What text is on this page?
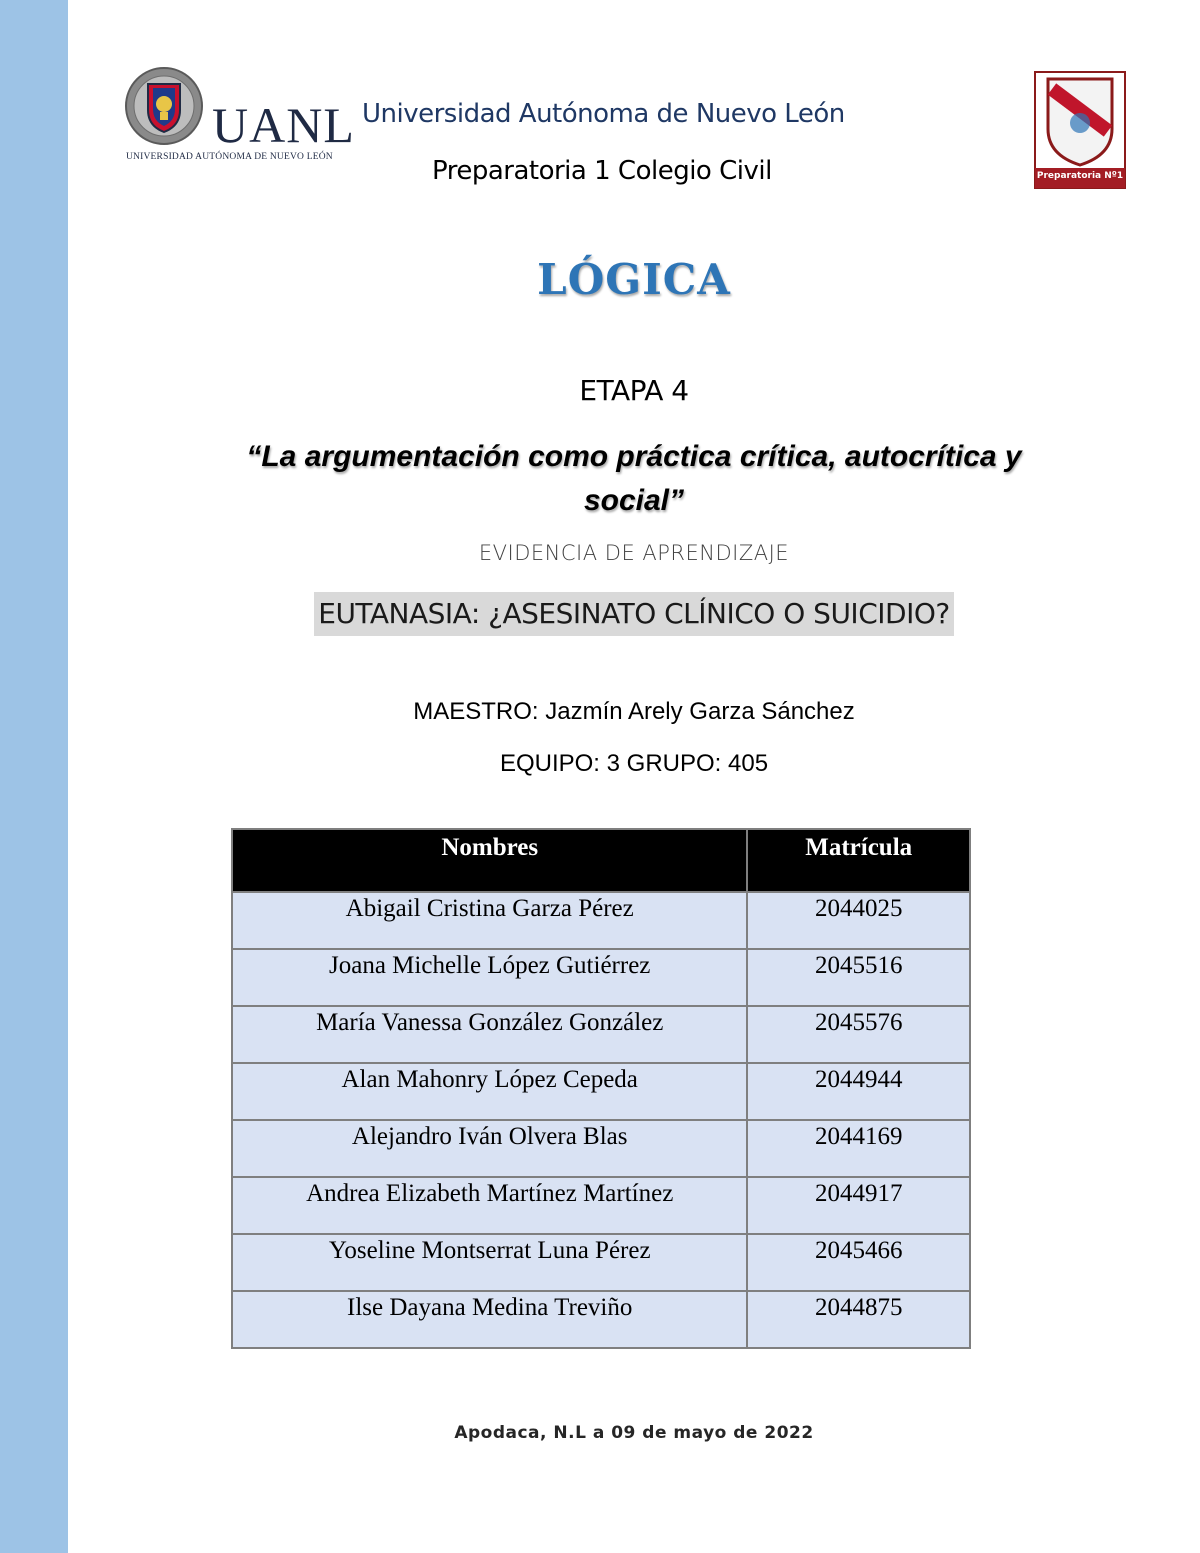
UANL
UNIVERSIDAD AUTÓNOMA DE NUEVO LEÓN
Universidad Autónoma de Nuevo León
Preparatoria 1 Colegio Civil	Preparatoria Nº1
LÓGICA
ETAPA 4
“La argumentación como práctica crítica, autocrítica y social”
EVIDENCIA DE APRENDIZAJE
EUTANASIA: ¿ASESINATO CLÍNICO O SUICIDIO?
MAESTRO: Jazmín Arely Garza Sánchez
EQUIPO: 3 GRUPO: 405
Nombres	Matrícula
Abigail Cristina Garza Pérez	2044025
Joana Michelle López Gutiérrez	2045516
María Vanessa González González	2045576
Alan Mahonry López Cepeda	2044944
Alejandro Iván Olvera Blas	2044169
Andrea Elizabeth Martínez Martínez	2044917
Yoseline Montserrat Luna Pérez	2045466
Ilse Dayana Medina Treviño	2044875
Apodaca, N.L a 09 de mayo de 2022
